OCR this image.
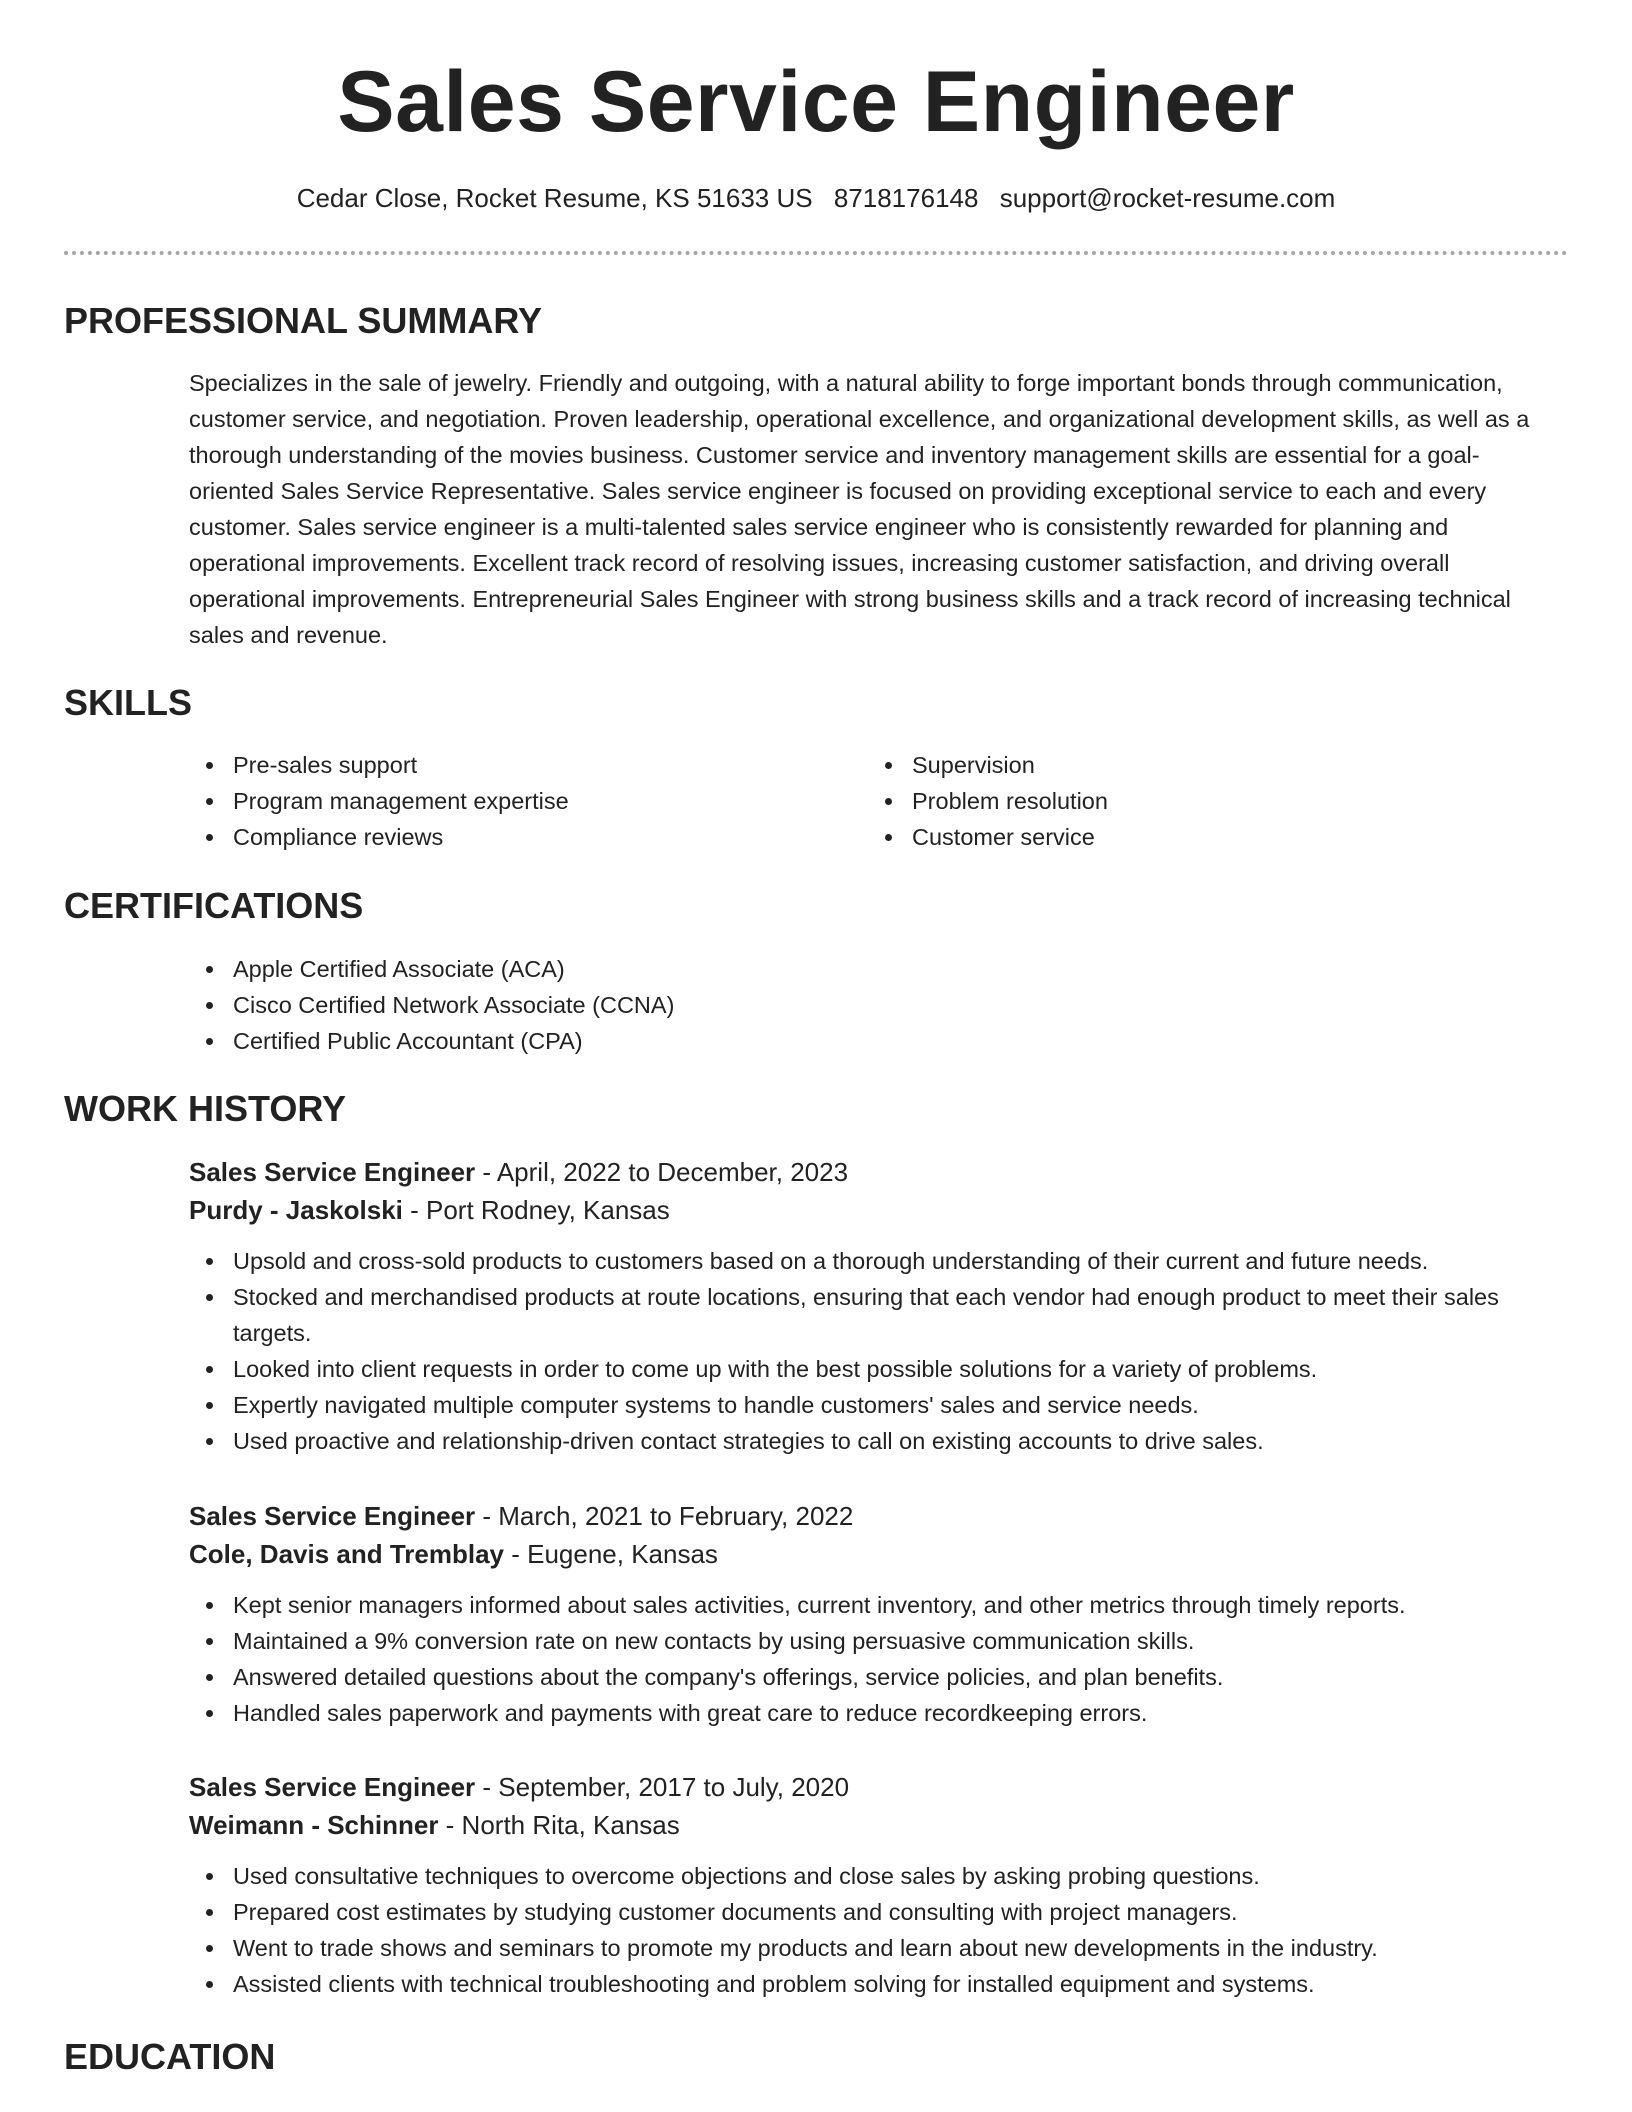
Sales Service Engineer
Cedar Close, Rocket Resume, KS 51633 US 8718176148 support@rocket-resume.com
PROFESSIONAL SUMMARY

Specializes in the sale of jewelry. Friendly and outgoing, with a natural ability to forge important bonds through communication, customer service, and negotiation. Proven leadership, operational excellence, and organizational development skills, as well as a thorough understanding of the movies business. Customer service and inventory management skills are essential for a goal-oriented Sales Service Representative. Sales service engineer is focused on providing exceptional service to each and every customer. Sales service engineer is a multi-talented sales service engineer who is consistently rewarded for planning and operational improvements. Excellent track record of resolving issues, increasing customer satisfaction, and driving overall operational improvements. Entrepreneurial Sales Engineer with strong business skills and a track record of increasing technical sales and revenue.

SKILLS
Pre-sales support
Program management expertise
Compliance reviews
Supervision
Problem resolution
Customer service
CERTIFICATIONS
Apple Certified Associate (ACA)
Cisco Certified Network Associate (CCNA)
Certified Public Accountant (CPA)
WORK HISTORY

Sales Service Engineer - April, 2022 to December, 2023

Purdy - Jaskolski - Port Rodney, Kansas

Upsold and cross-sold products to customers based on a thorough understanding of their current and future needs.
Stocked and merchandised products at route locations, ensuring that each vendor had enough product to meet their sales targets.
Looked into client requests in order to come up with the best possible solutions for a variety of problems.
Expertly navigated multiple computer systems to handle customers' sales and service needs.
Used proactive and relationship-driven contact strategies to call on existing accounts to drive sales.

Sales Service Engineer - March, 2021 to February, 2022

Cole, Davis and Tremblay - Eugene, Kansas

Kept senior managers informed about sales activities, current inventory, and other metrics through timely reports.
Maintained a 9% conversion rate on new contacts by using persuasive communication skills.
Answered detailed questions about the company's offerings, service policies, and plan benefits.
Handled sales paperwork and payments with great care to reduce recordkeeping errors.

Sales Service Engineer - September, 2017 to July, 2020

Weimann - Schinner - North Rita, Kansas

Used consultative techniques to overcome objections and close sales by asking probing questions.
Prepared cost estimates by studying customer documents and consulting with project managers.
Went to trade shows and seminars to promote my products and learn about new developments in the industry.
Assisted clients with technical troubleshooting and problem solving for installed equipment and systems.
EDUCATION
